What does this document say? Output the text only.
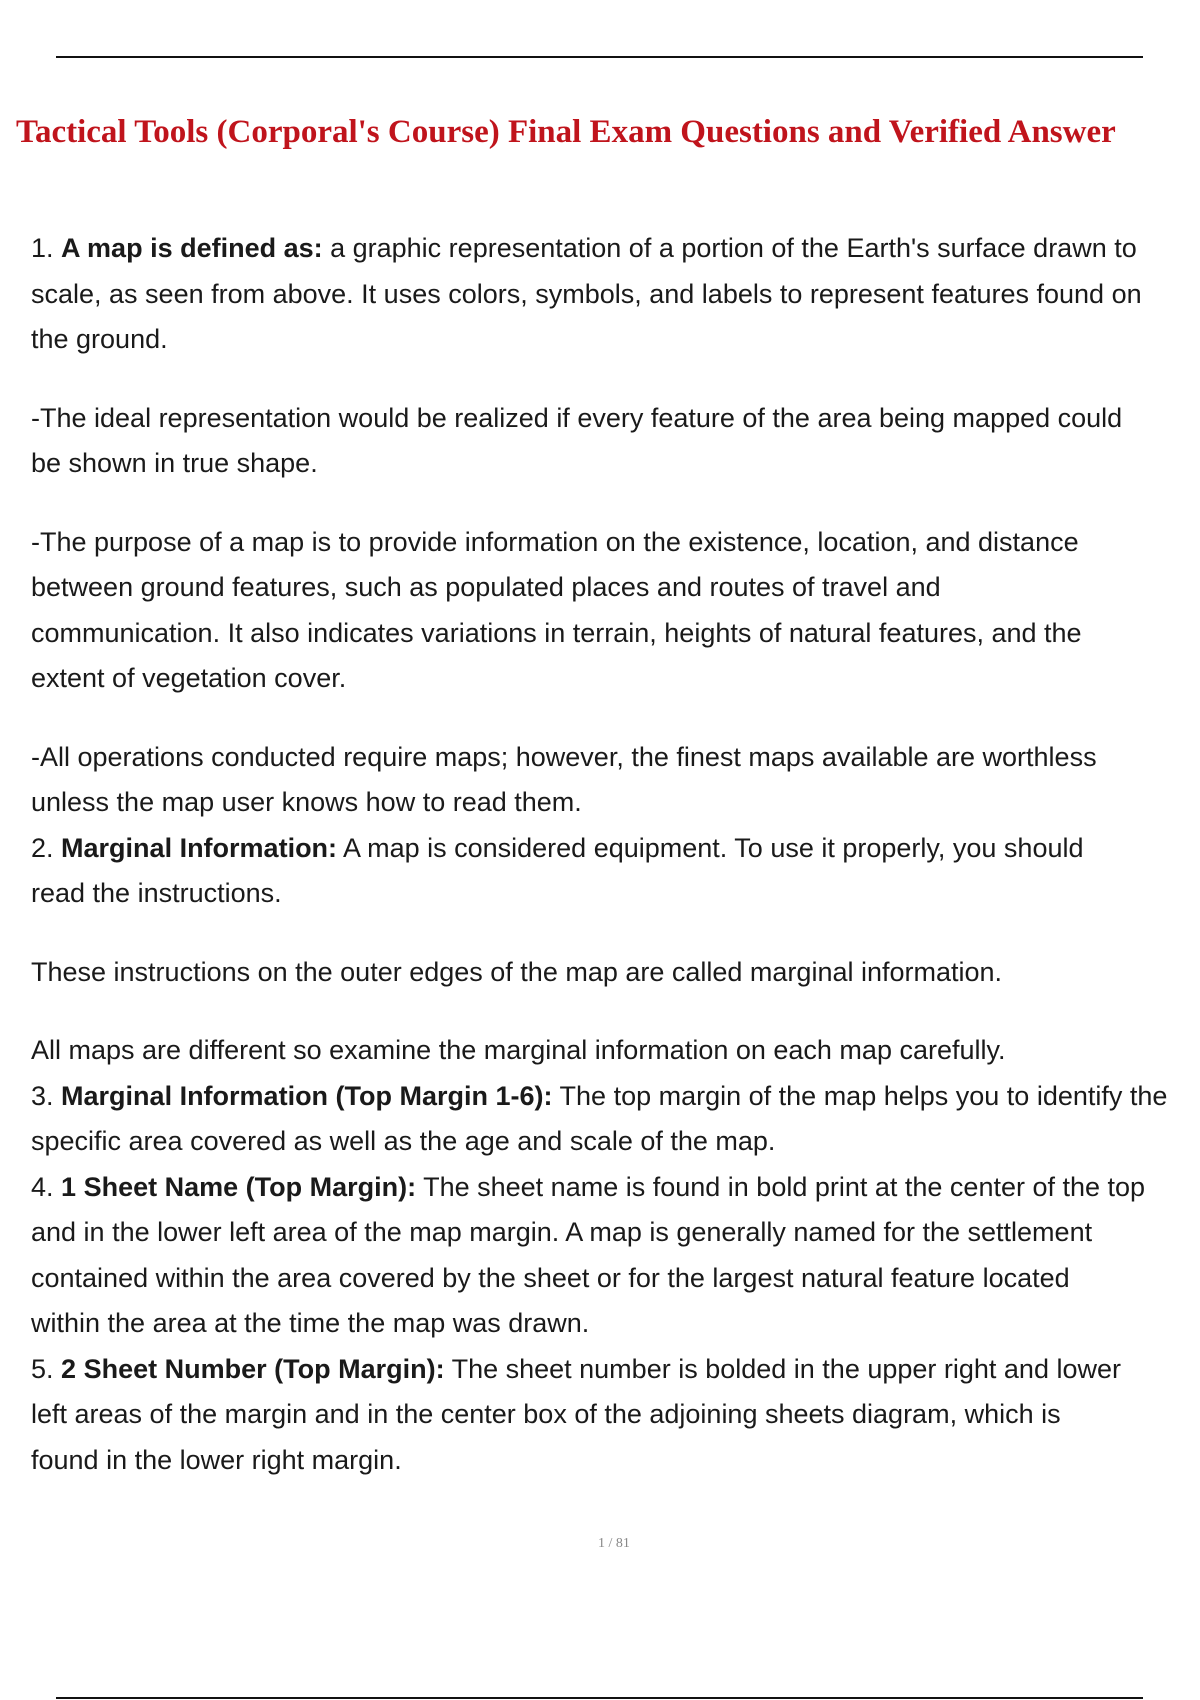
Tactical Tools (Corporal's Course) Final Exam Questions and Verified Answer

1. A map is defined as: a graphic representation of a portion of the Earth's surface drawn to

scale, as seen from above. It uses colors, symbols, and labels to represent features found on

the ground.

-The ideal representation would be realized if every feature of the area being mapped could

be shown in true shape.

-The purpose of a map is to provide information on the existence, location, and distance

between ground features, such as populated places and routes of travel and

communication. It also indicates variations in terrain, heights of natural features, and the

extent of vegetation cover.

-All operations conducted require maps; however, the finest maps available are worthless

unless the map user knows how to read them.

2. Marginal Information: A map is considered equipment. To use it properly, you should

read the instructions.

These instructions on the outer edges of the map are called marginal information.

All maps are different so examine the marginal information on each map carefully.

3. Marginal Information (Top Margin 1-6): The top margin of the map helps you to identify the

specific area covered as well as the age and scale of the map.

4. 1 Sheet Name (Top Margin): The sheet name is found in bold print at the center of the top

and in the lower left area of the map margin. A map is generally named for the settlement

contained within the area covered by the sheet or for the largest natural feature located

within the area at the time the map was drawn.

5. 2 Sheet Number (Top Margin): The sheet number is bolded in the upper right and lower

left areas of the margin and in the center box of the adjoining sheets diagram, which is

found in the lower right margin.

1 / 81
